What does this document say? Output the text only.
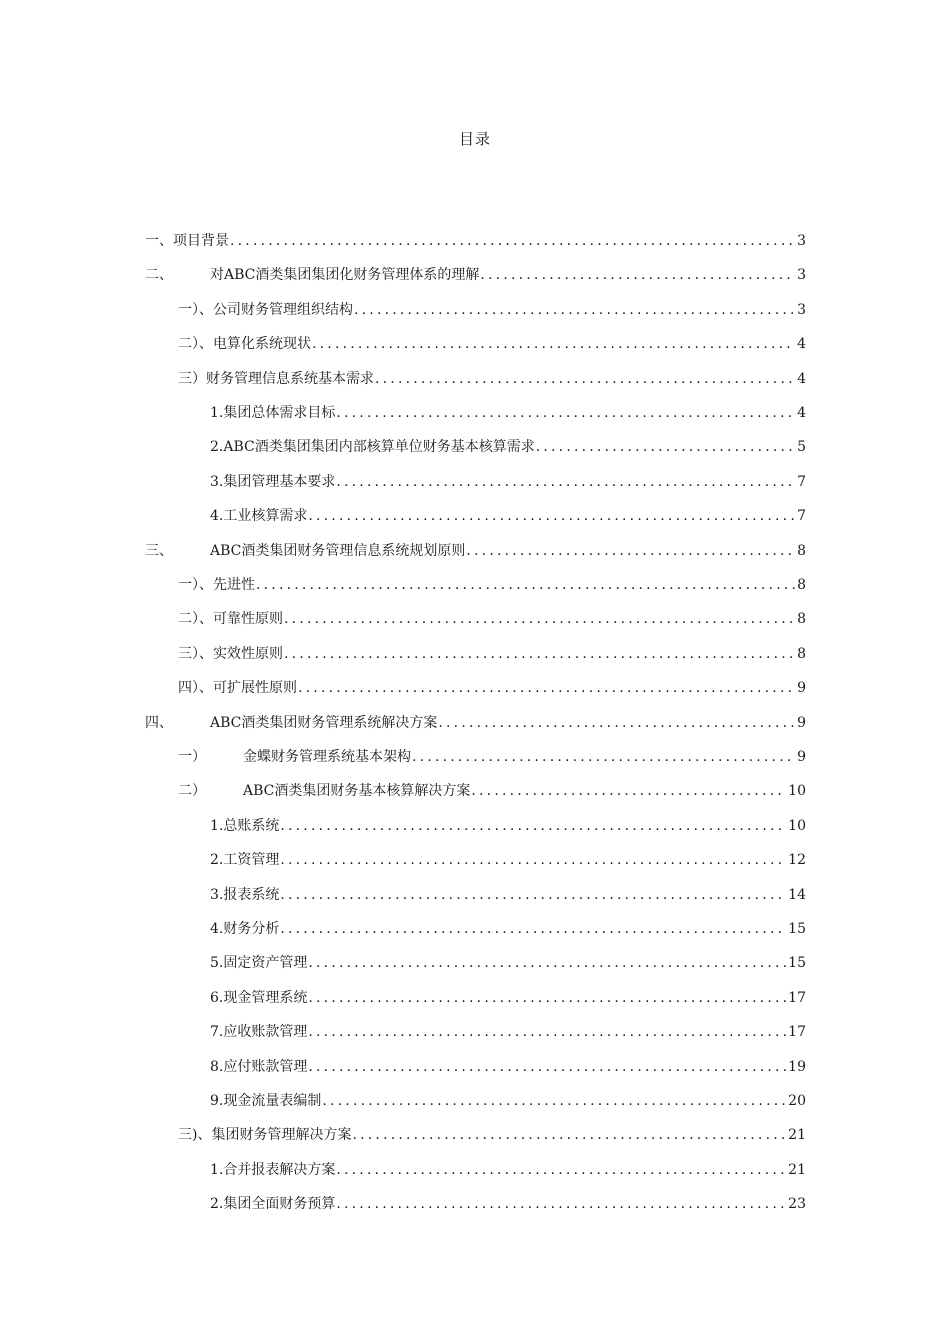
目录
一、 项目背景 .....	3
二、	对ABC酒类集团集团化财务管理体系的理解 .....	3
一）、 公司财务管理组织结构 .....	3
二）、 电算化系统现状 .....	4
三） 财务管理信息系统基本需求 .....	4
1. 集团总体需求目标 .....	4
2. ABC酒类集团集团内部核算单位财务基本核算需求 .....	5
3. 集团管理基本要求 .....	7
4. 工业核算需求 .....	7
三、	ABC酒类集团财务管理信息系统规划原则 .....	8
一）、 先进性 .....	8
二）、 可靠性原则 .....	8
三）、 实效性原则 .....	8
四）、 可扩展性原则 .....	9
四、	ABC酒类集团财务管理系统解决方案 .....	9
一）	金蝶财务管理系统基本架构 .....	9
二）	ABC酒类集团财务基本核算解决方案 .....	10
1. 总账系统 .....	10
2. 工资管理 .....	12
3. 报表系统 .....	14
4. 财务分析 .....	15
5. 固定资产管理 .....	15
6. 现金管理系统 .....	17
7. 应收账款管理 .....	17
8. 应付账款管理 .....	19
9. 现金流量表编制 .....	20
三)、 集团财务管理解决方案 .....	21
1. 合并报表解决方案 .....	21
2. 集团全面财务预算 .....	23
